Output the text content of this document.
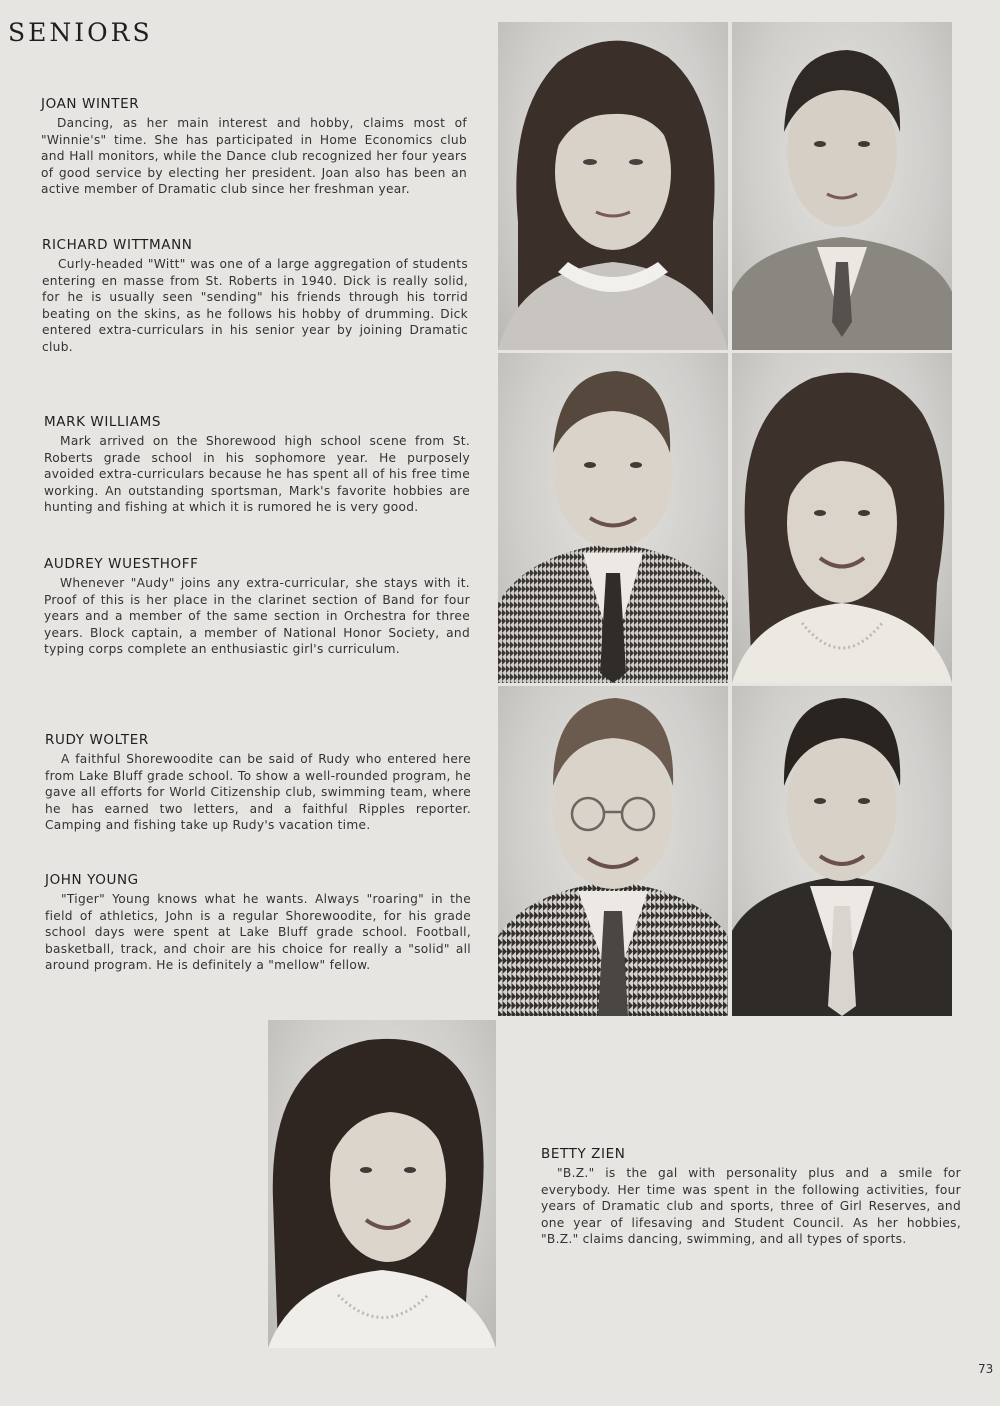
SENIORS
JOAN WINTER

Dancing, as her main interest and hobby, claims most of "Winnie's" time. She has participated in Home Economics club and Hall monitors, while the Dance club recognized her four years of good service by electing her president. Joan also has been an active member of Dramatic club since her freshman year.

RICHARD WITTMANN

Curly-headed "Witt" was one of a large aggregation of students entering en masse from St. Roberts in 1940. Dick is really solid, for he is usually seen "sending" his friends through his torrid beating on the skins, as he follows his hobby of drumming. Dick entered extra-curriculars in his senior year by joining Dramatic club.

MARK WILLIAMS

Mark arrived on the Shorewood high school scene from St. Roberts grade school in his sophomore year. He purposely avoided extra-curriculars because he has spent all of his free time working. An outstanding sportsman, Mark's favorite hobbies are hunting and fishing at which it is rumored he is very good.

AUDREY WUESTHOFF

Whenever "Audy" joins any extra-curricular, she stays with it. Proof of this is her place in the clarinet section of Band for four years and a member of the same section in Orchestra for three years. Block captain, a member of National Honor Society, and typing corps complete an enthusiastic girl's curriculum.

RUDY WOLTER

A faithful Shorewoodite can be said of Rudy who entered here from Lake Bluff grade school. To show a well-rounded program, he gave all efforts for World Citizenship club, swimming team, where he has earned two letters, and a faithful Ripples reporter. Camping and fishing take up Rudy's vacation time.

JOHN YOUNG

"Tiger" Young knows what he wants. Always "roaring" in the field of athletics, John is a regular Shorewoodite, for his grade school days were spent at Lake Bluff grade school. Football, basketball, track, and choir are his choice for really a "solid" all around program. He is definitely a "mellow" fellow.

BETTY ZIEN

"B.Z." is the gal with personality plus and a smile for everybody. Her time was spent in the following activities, four years of Dramatic club and sports, three of Girl Reserves, and one year of lifesaving and Student Council. As her hobbies, "B.Z." claims dancing, swimming, and all types of sports.

73
